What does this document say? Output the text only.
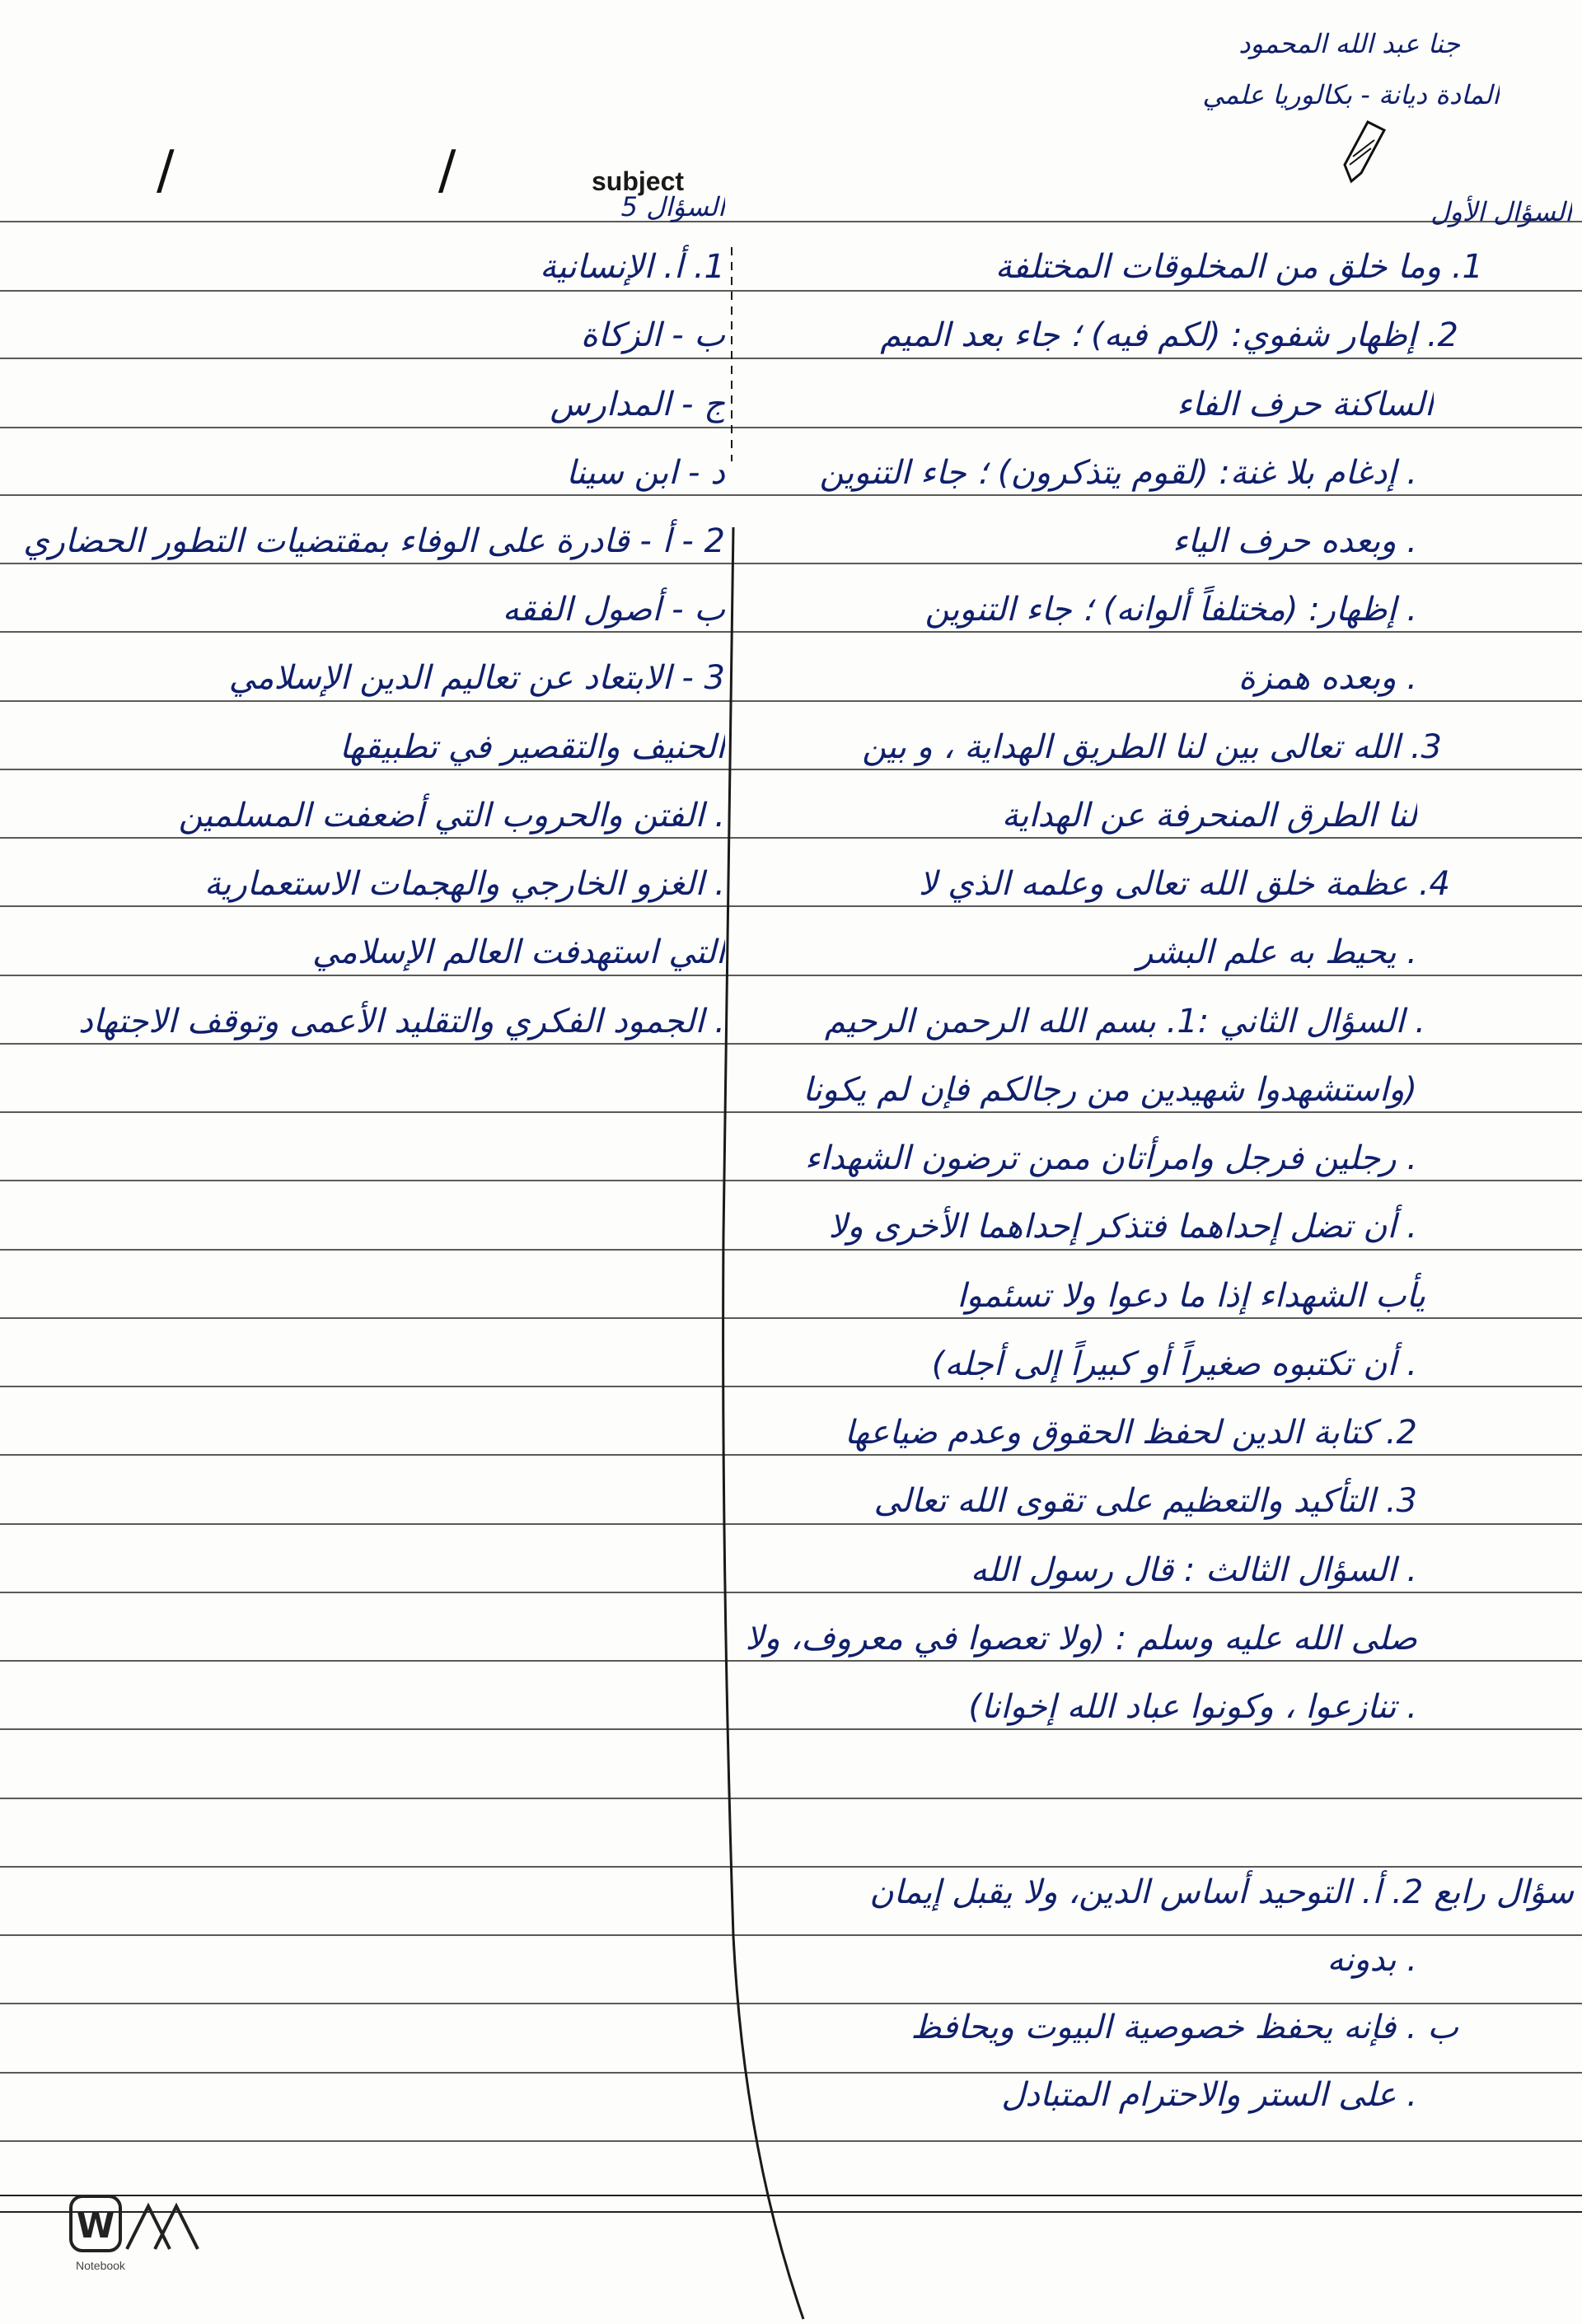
جنا عبد الله المحمود
المادة ديانة - بكالوريا علمي
/ / subject
السؤال الأول
1. وما خلق من المخلوقات المختلفة
2. إظهار شفوي: (لكم فيه) ؛ جاء بعد الميم
الساكنة حرف الفاء
. إدغام بلا غنة: (لقوم يتذكرون) ؛ جاء التنوين
. وبعده حرف الياء
. إظهار: (مختلفاً ألوانه) ؛ جاء التنوين
. وبعده همزة
3. الله تعالى بين لنا الطريق الهداية ، و بين
لنا الطرق المنحرفة عن الهداية
4. عظمة خلق الله تعالى وعلمه الذي لا
. يحيط به علم البشر
. السؤال الثاني :1. بسم الله الرحمن الرحيم
(واستشهدوا شهيدين من رجالكم فإن لم يكونا
. رجلين فرجل وامرأتان ممن ترضون الشهداء
. أن تضل إحداهما فتذكر إحداهما الأخرى ولا
يأب الشهداء إذا ما دعوا ولا تسئموا
. أن تكتبوه صغيراً أو كبيراً إلى أجله)
2. كتابة الدين لحفظ الحقوق وعدم ضياعها
3. التأكيد والتعظيم على تقوى الله تعالى
. السؤال الثالث : قال رسول الله
صلى الله عليه وسلم : (ولا تعصوا في معروف، ولا
. تنازعوا ، وكونوا عباد الله إخوانا)
سؤال رابع 2. أ. التوحيد أساس الدين، ولا يقبل إيمان
. بدونه
ب . فإنه يحفظ خصوصية البيوت ويحافظ
. على الستر والاحترام المتبادل
السؤال 5
1. أ. الإنسانية
ب - الزكاة
ج - المدارس
د - ابن سينا
2 - أ - قادرة على الوفاء بمقتضيات التطور الحضاري
ب - أصول الفقه
3 - الابتعاد عن تعاليم الدين الإسلامي
الحنيف والتقصير في تطبيقها
. الفتن والحروب التي أضعفت المسلمين
. الغزو الخارجي والهجمات الاستعمارية
التي استهدفت العالم الإسلامي
. الجمود الفكري والتقليد الأعمى وتوقف الاجتهاد
W
Notebook
